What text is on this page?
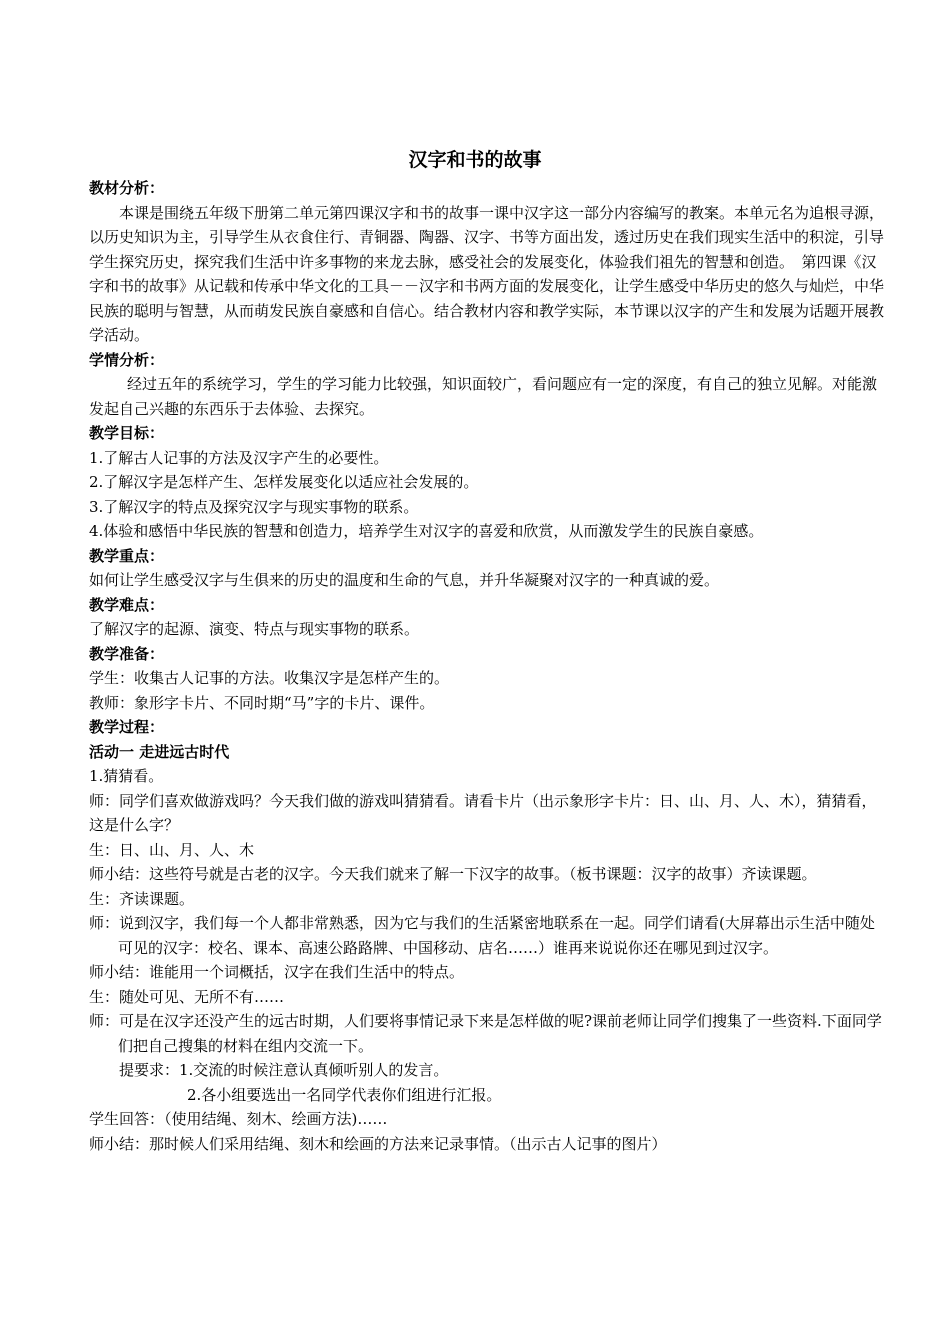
汉字和书的故事

教材分析：

本课是围绕五年级下册第二单元第四课汉字和书的故事一课中汉字这一部分内容编写的教案。本单元名为追根寻源，以历史知识为主，引导学生从衣食住行、青铜器、陶器、汉字、书等方面出发，透过历史在我们现实生活中的积淀，引导学生探究历史，探究我们生活中许多事物的来龙去脉，感受社会的发展变化，体验我们祖先的智慧和创造。　第四课《汉字和书的故事》从记载和传承中华文化的工具－－汉字和书两方面的发展变化，让学生感受中华历史的悠久与灿烂，中华民族的聪明与智慧，从而萌发民族自豪感和自信心。结合教材内容和教学实际，本节课以汉字的产生和发展为话题开展教学活动。

学情分析：

经过五年的系统学习，学生的学习能力比较强，知识面较广，看问题应有一定的深度，有自己的独立见解。对能激发起自己兴趣的东西乐于去体验、去探究。

教学目标：

1.了解古人记事的方法及汉字产生的必要性。

2.了解汉字是怎样产生、怎样发展变化以适应社会发展的。

3.了解汉字的特点及探究汉字与现实事物的联系。

4.体验和感悟中华民族的智慧和创造力，培养学生对汉字的喜爱和欣赏，从而激发学生的民族自豪感。

教学重点：

如何让学生感受汉字与生俱来的历史的温度和生命的气息，并升华凝聚对汉字的一种真诚的爱。

教学难点：

了解汉字的起源、演变、特点与现实事物的联系。

教学准备：

学生：收集古人记事的方法。收集汉字是怎样产生的。

教师：象形字卡片、不同时期“马”字的卡片、课件。

教学过程：

活动一 走进远古时代

1.猜猜看。

师：同学们喜欢做游戏吗？今天我们做的游戏叫猜猜看。请看卡片（出示象形字卡片：日、山、月、人、木），猜猜看，这是什么字？

生：日、山、月、人、木

师小结：这些符号就是古老的汉字。今天我们就来了解一下汉字的故事。（板书课题：汉字的故事）齐读课题。

生：齐读课题。

师：说到汉字，我们每一个人都非常熟悉，因为它与我们的生活紧密地联系在一起。同学们请看(大屏幕出示生活中随处可见的汉字：校名、课本、高速公路路牌、中国移动、店名……）谁再来说说你还在哪见到过汉字。

师小结：谁能用一个词概括，汉字在我们生活中的特点。

生：随处可见、无所不有……

师：可是在汉字还没产生的远古时期，人们要将事情记录下来是怎样做的呢?课前老师让同学们搜集了一些资料.下面同学们把自己搜集的材料在组内交流一下。

提要求：1.交流的时候注意认真倾听别人的发言。

2.各小组要选出一名同学代表你们组进行汇报。

学生回答：（使用结绳、刻木、绘画方法)……

师小结：那时候人们采用结绳、刻木和绘画的方法来记录事情。（出示古人记事的图片）
